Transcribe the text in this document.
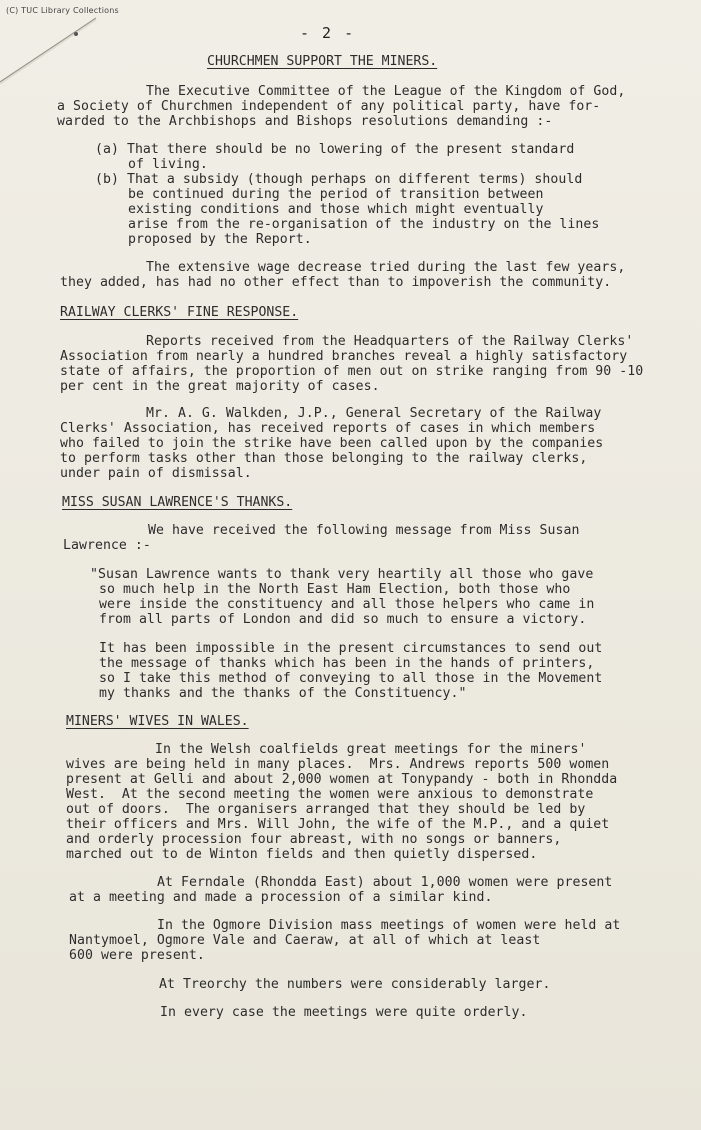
(C) TUC Library Collections
- 2 -
CHURCHMEN SUPPORT THE MINERS.
The Executive Committee of the League of the Kingdom of God,
a Society of Churchmen independent of any political party, have for-
warded to the Archbishops and Bishops resolutions demanding :-
(a) That there should be no lowering of the present standard
of living.
(b) That a subsidy (though perhaps on different terms) should
be continued during the period of transition between
existing conditions and those which might eventually
arise from the re-organisation of the industry on the lines
proposed by the Report.
The extensive wage decrease tried during the last few years,
they added, has had no other effect than to impoverish the community.
RAILWAY CLERKS' FINE RESPONSE.
Reports received from the Headquarters of the Railway Clerks'
Association from nearly a hundred branches reveal a highly satisfactory
state of affairs, the proportion of men out on strike ranging from 90 -10
per cent in the great majority of cases.
Mr. A. G. Walkden, J.P., General Secretary of the Railway
Clerks' Association, has received reports of cases in which members
who failed to join the strike have been called upon by the companies
to perform tasks other than those belonging to the railway clerks,
under pain of dismissal.
MISS SUSAN LAWRENCE'S THANKS.
We have received the following message from Miss Susan
Lawrence :-
"Susan Lawrence wants to thank very heartily all those who gave
so much help in the North East Ham Election, both those who
were inside the constituency and all those helpers who came in
from all parts of London and did so much to ensure a victory.
It has been impossible in the present circumstances to send out
the message of thanks which has been in the hands of printers,
so I take this method of conveying to all those in the Movement
my thanks and the thanks of the Constituency."
MINERS' WIVES IN WALES.
In the Welsh coalfields great meetings for the miners'
wives are being held in many places.  Mrs. Andrews reports 500 women
present at Gelli and about 2,000 women at Tonypandy - both in Rhondda
West.  At the second meeting the women were anxious to demonstrate
out of doors.  The organisers arranged that they should be led by
their officers and Mrs. Will John, the wife of the M.P., and a quiet
and orderly procession four abreast, with no songs or banners,
marched out to de Winton fields and then quietly dispersed.
At Ferndale (Rhondda East) about 1,000 women were present
at a meeting and made a procession of a similar kind.
In the Ogmore Division mass meetings of women were held at
Nantymoel, Ogmore Vale and Caeraw, at all of which at least
600 were present.
At Treorchy the numbers were considerably larger.
In every case the meetings were quite orderly.
